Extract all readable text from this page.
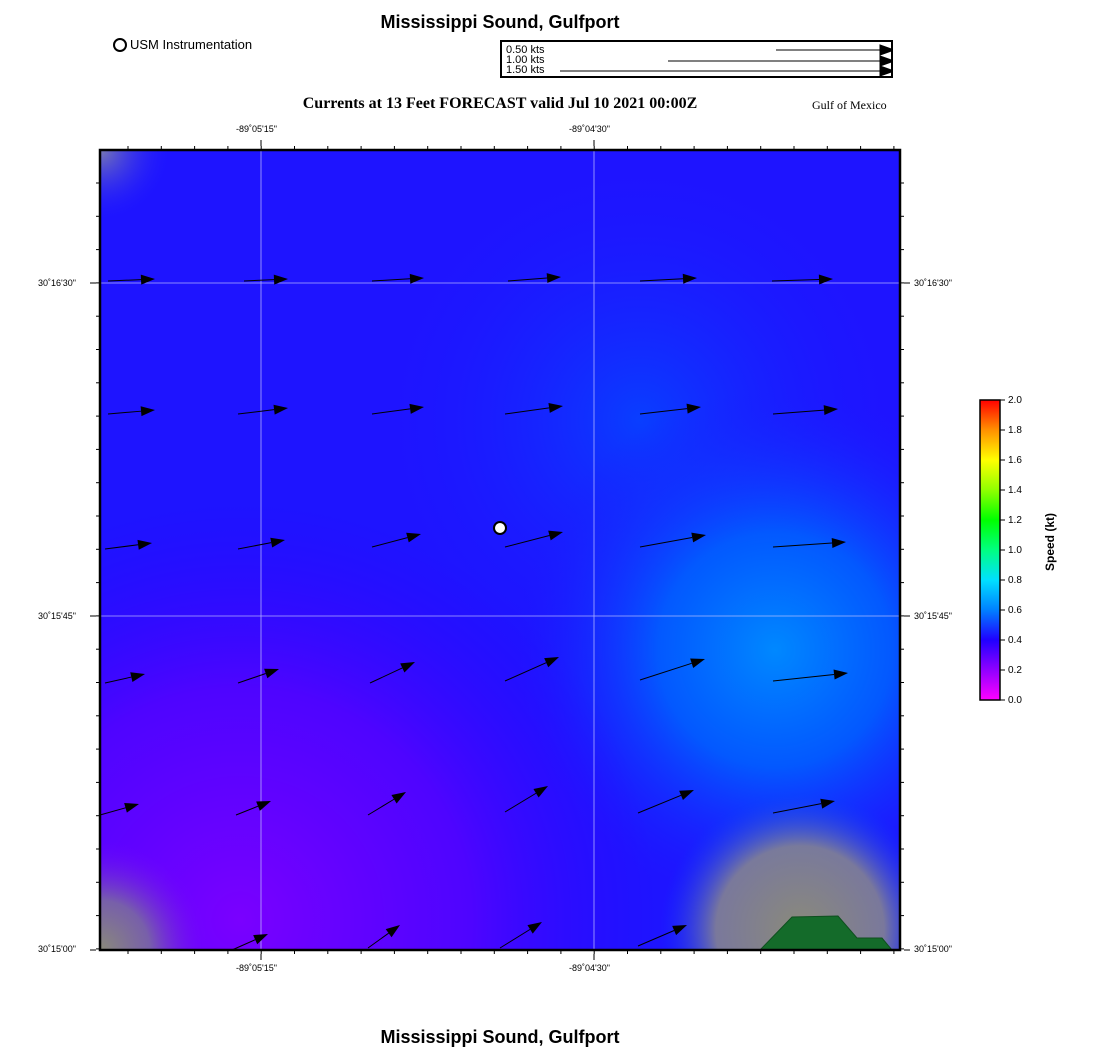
Mississippi Sound, Gulfport
Currents at 13 Feet FORECAST valid Jul 10 2021 00:00Z	Gulf of Mexico
Mississippi Sound, Gulfport
USM Instrumentation	0.50 kts
1.00 kts
1.50 kts
-89˚05'15"	-89˚04'30"
-89˚05'15"	-89˚04'30"
30˚16'30"
30˚15'45"
30˚15'00"
30˚16'30"
30˚15'45"
30˚15'00"
2.0
1.8
1.6
1.4
1.2
1.0
0.8
0.6
0.4
0.2
0.0
Speed (kt)
